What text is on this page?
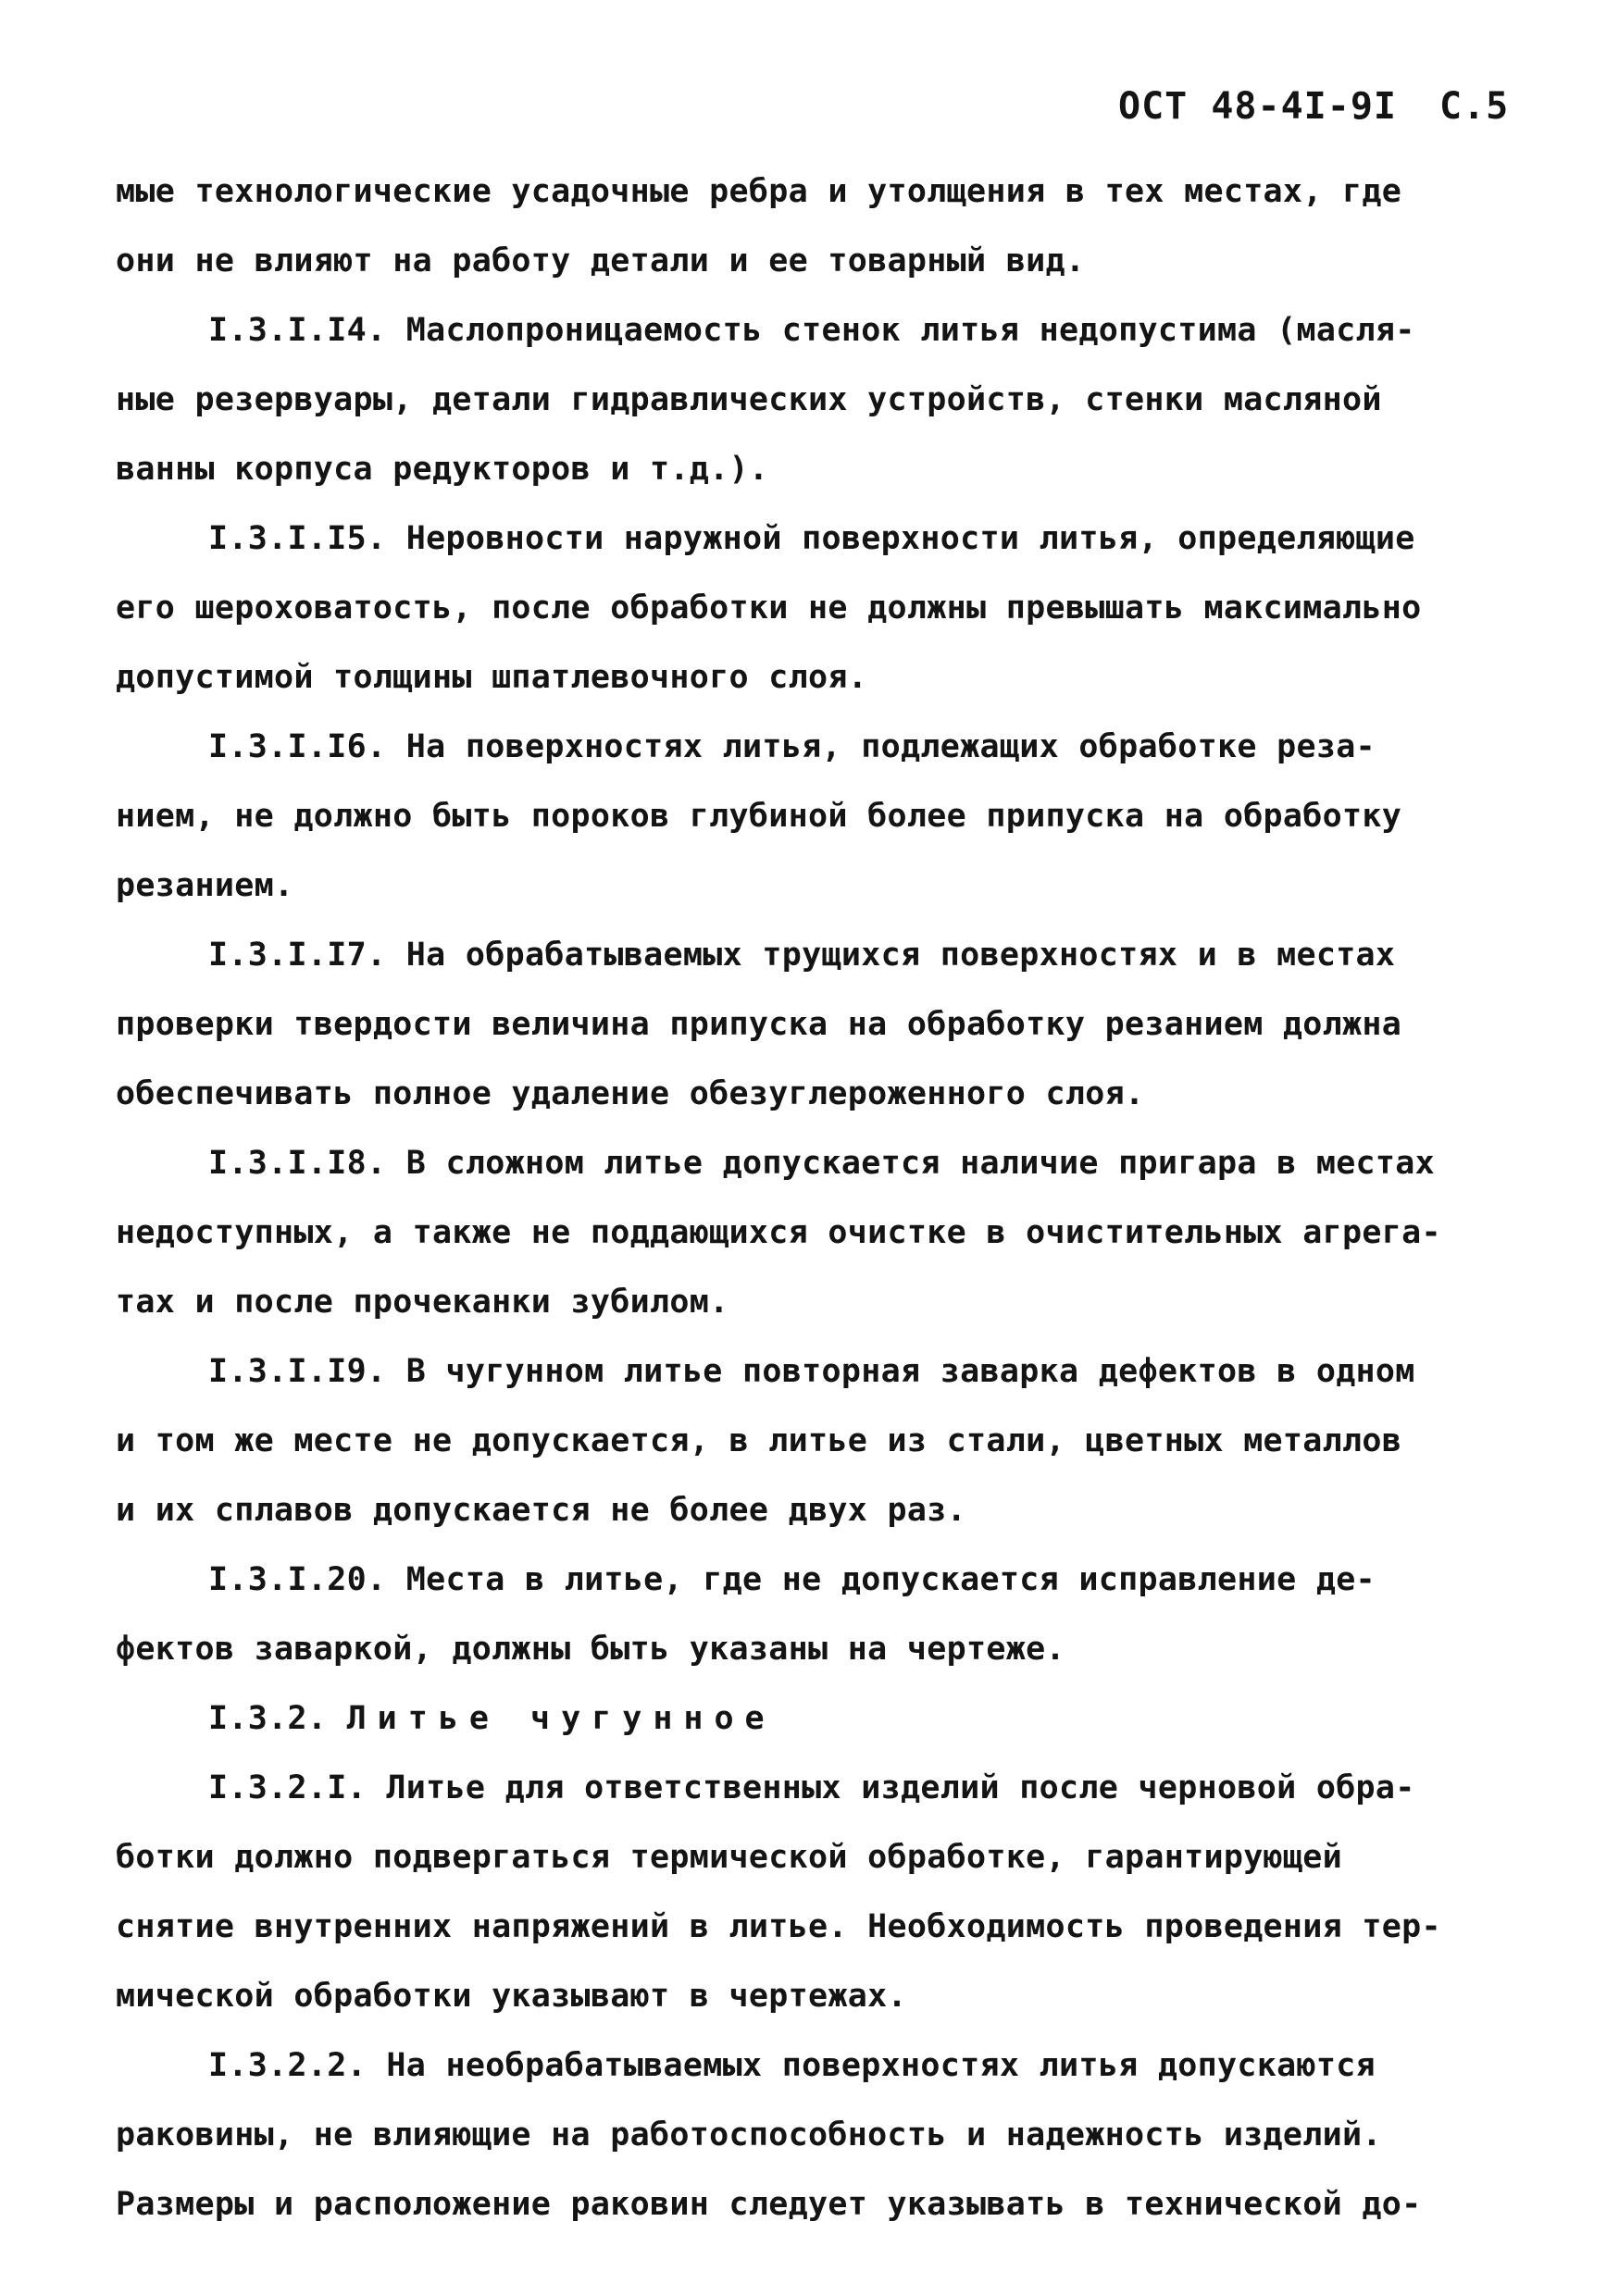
ОСТ 48-4I-9I С.5
мые технологические усадочные ребра и утолщения в тех местах, где
они не влияют на работу детали и ее товарный вид.
I.3.I.I4. Маслопроницаемость стенок литья недопустима (масля-
ные резервуары, детали гидравлических устройств, стенки масляной
ванны корпуса редукторов и т.д.).
I.3.I.I5. Неровности наружной поверхности литья, определяющие
его шероховатость, после обработки не должны превышать максимально
допустимой толщины шпатлевочного слоя.
I.3.I.I6. На поверхностях литья, подлежащих обработке реза-
нием, не должно быть пороков глубиной более припуска на обработку
резанием.
I.3.I.I7. На обрабатываемых трущихся поверхностях и в местах
проверки твердости величина припуска на обработку резанием должна
обеспечивать полное удаление обезуглероженного слоя.
I.3.I.I8. В сложном литье допускается наличие пригара в местах
недоступных, а также не поддающихся очистке в очистительных агрега-
тах и после прочеканки зубилом.
I.3.I.I9. В чугунном литье повторная заварка дефектов в одном
и том же месте не допускается, в литье из стали, цветных металлов
и их сплавов допускается не более двух раз.
I.3.I.20. Места в литье, где не допускается исправление де-
фектов заваркой, должны быть указаны на чертеже.
I.3.2. Литье чугунное
I.3.2.I. Литье для ответственных изделий после черновой обра-
ботки должно подвергаться термической обработке, гарантирующей
снятие внутренних напряжений в литье. Необходимость проведения тер-
мической обработки указывают в чертежах.
I.3.2.2. На необрабатываемых поверхностях литья допускаются
раковины, не влияющие на работоспособность и надежность изделий.
Размеры и расположение раковин следует указывать в технической до-
